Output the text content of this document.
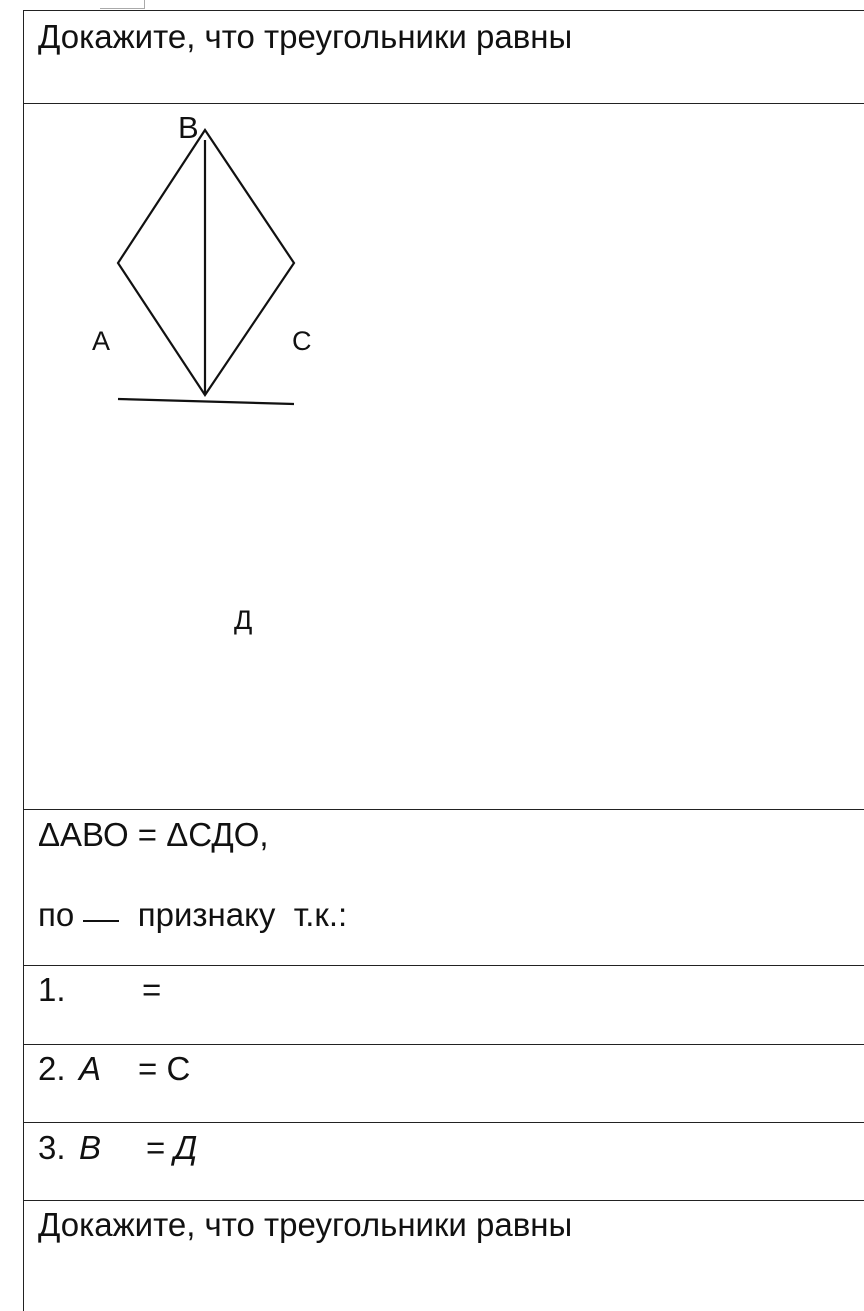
Докажите, что треугольники равны
B
A	C
Д
ΔАВО = ΔСДО,
по признаку  т.к.:
1. =
2. A = С
3. B = Д
Докажите, что треугольники равны
